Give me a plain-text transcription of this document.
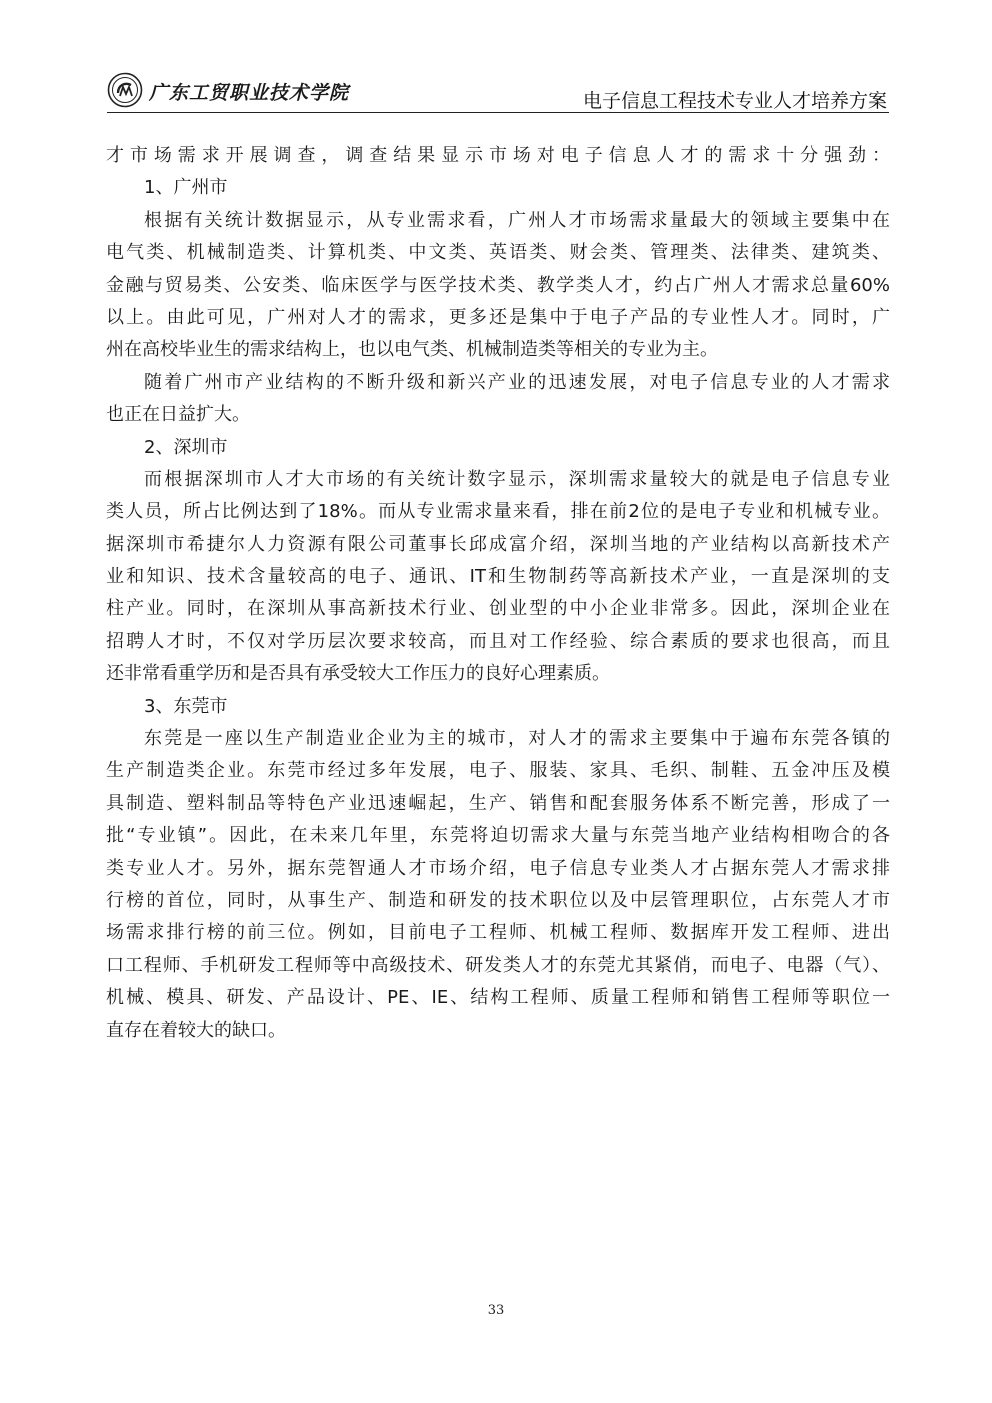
广东工贸职业技术学院	电子信息工程技术专业人才培养方案
才市场需求开展调查，调查结果显示市场对电子信息人才的需求十分强劲：
1、广州市
根据有关统计数据显示，从专业需求看，广州人才市场需求量最大的领域主要集中在
电气类、机械制造类、计算机类、中文类、英语类、财会类、管理类、法律类、建筑类、
金融与贸易类、公安类、临床医学与医学技术类、教学类人才，约占广州人才需求总量60%
以上。由此可见，广州对人才的需求，更多还是集中于电子产品的专业性人才。同时，广
州在高校毕业生的需求结构上，也以电气类、机械制造类等相关的专业为主。
随着广州市产业结构的不断升级和新兴产业的迅速发展，对电子信息专业的人才需求
也正在日益扩大。
2、深圳市
而根据深圳市人才大市场的有关统计数字显示，深圳需求量较大的就是电子信息专业
类人员，所占比例达到了18%。而从专业需求量来看，排在前2位的是电子专业和机械专业。
据深圳市希捷尔人力资源有限公司董事长邱成富介绍，深圳当地的产业结构以高新技术产
业和知识、技术含量较高的电子、通讯、IT和生物制药等高新技术产业，一直是深圳的支
柱产业。同时，在深圳从事高新技术行业、创业型的中小企业非常多。因此，深圳企业在
招聘人才时，不仅对学历层次要求较高，而且对工作经验、综合素质的要求也很高，而且
还非常看重学历和是否具有承受较大工作压力的良好心理素质。
3、东莞市
东莞是一座以生产制造业企业为主的城市，对人才的需求主要集中于遍布东莞各镇的
生产制造类企业。东莞市经过多年发展，电子、服装、家具、毛织、制鞋、五金冲压及模
具制造、塑料制品等特色产业迅速崛起，生产、销售和配套服务体系不断完善，形成了一
批“专业镇”。因此，在未来几年里，东莞将迫切需求大量与东莞当地产业结构相吻合的各
类专业人才。另外，据东莞智通人才市场介绍，电子信息专业类人才占据东莞人才需求排
行榜的首位，同时，从事生产、制造和研发的技术职位以及中层管理职位，占东莞人才市
场需求排行榜的前三位。例如，目前电子工程师、机械工程师、数据库开发工程师、进出
口工程师、手机研发工程师等中高级技术、研发类人才的东莞尤其紧俏，而电子、电器（气）、
机械、模具、研发、产品设计、PE、IE、结构工程师、质量工程师和销售工程师等职位一
直存在着较大的缺口。
33
